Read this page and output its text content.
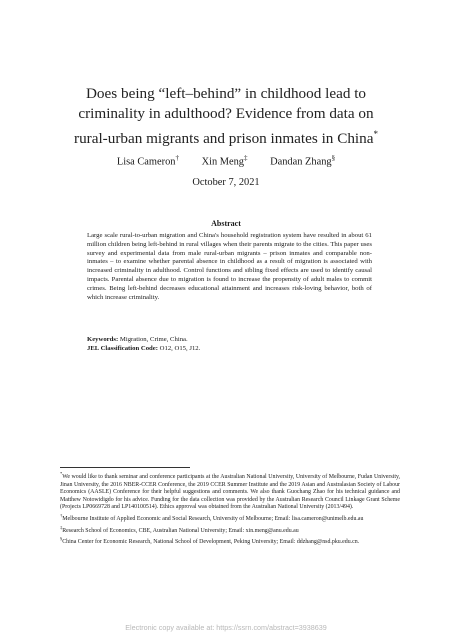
Does being “left–behind” in childhood lead to
criminality in adulthood? Evidence from data on
rural-urban migrants and prison inmates in China*
Lisa Cameron† Xin Meng‡ Dandan Zhang§
October 7, 2021
Abstract
Large scale rural-to-urban migration and China's household registration system have resulted in about 61 million children being left-behind in rural villages when their parents migrate to the cities. This paper uses survey and experimental data from male rural-urban migrants – prison inmates and comparable non-inmates – to examine whether parental absence in childhood as a result of migration is associated with increased criminality in adulthood. Control functions and sibling fixed effects are used to identify causal impacts. Parental absence due to migration is found to increase the propensity of adult males to commit crimes. Being left-behind decreases educational attainment and increases risk-loving behavior, both of which increase criminality.
Keywords: Migration, Crime, China.
JEL Classification Code: O12, O15, J12.

*We would like to thank seminar and conference participants at the Australian National University, University of Melbourne, Fudan University, Jinan University, the 2016 NBER-CCER Conference, the 2019 CCER Summer Institute and the 2019 Asian and Australasian Society of Labour Economics (AASLE) Conference for their helpful suggestions and comments. We also thank Guochang Zhao for his technical guidance and Matthew Notowidigdo for his advice. Funding for the data collection was provided by the Australian Research Council Linkage Grant Scheme (Projects LP0669728 and LP140100514). Ethics approval was obtained from the Australian National University (2013/494).

†Melbourne Institute of Applied Economic and Social Research, University of Melbourne; Email: lisa.cameron@unimelb.edu.au

‡Research School of Economics, CBE, Australian National University; Email: xin.meng@anu.edu.au

§China Center for Economic Research, National School of Development, Peking University; Email: ddzhang@nsd.pku.edu.cn.

Electronic copy available at: https://ssrn.com/abstract=3938639
